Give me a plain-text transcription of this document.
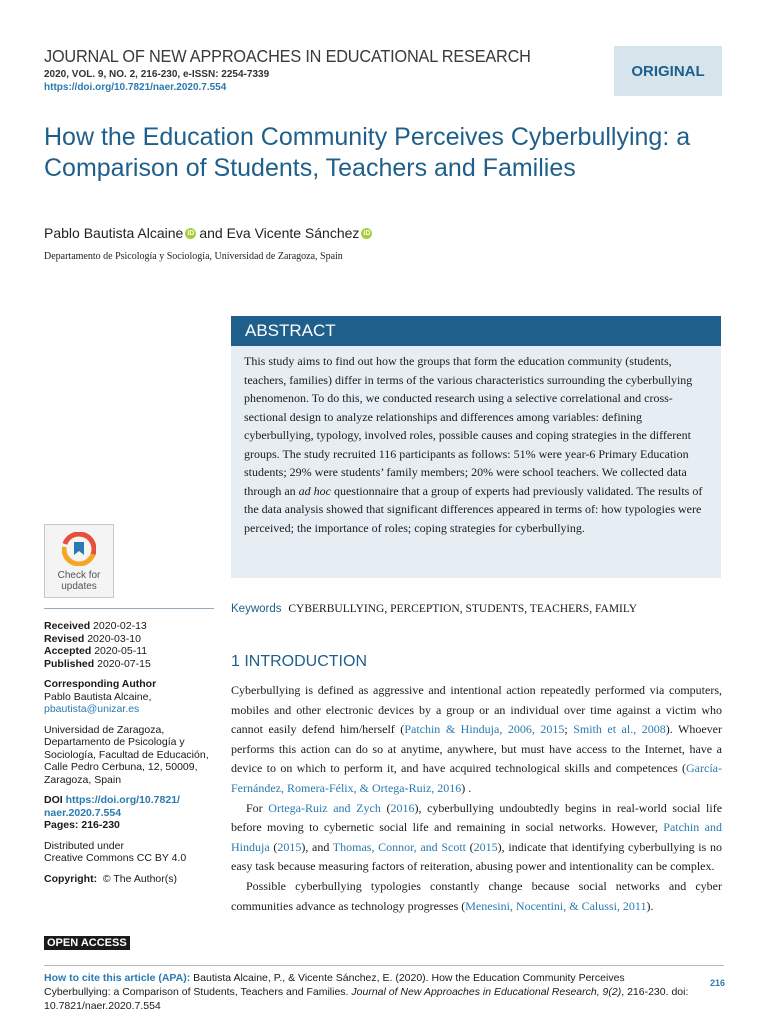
JOURNAL OF NEW APPROACHES IN EDUCATIONAL RESEARCH
2020, VOL. 9, NO. 2, 216-230, e-ISSN: 2254-7339
https://doi.org/10.7821/naer.2020.7.554
ORIGINAL
How the Education Community Perceives Cyberbullying: a Comparison of Students, Teachers and Families
Pablo Bautista Alcaine iD and
Eva Vicente Sánchez iD
Departamento de Psicología y Sociología, Universidad de Zaragoza, Spain
ABSTRACT
This study aims to find out how the groups that form the education community (students, teachers, families) differ in terms of the various characteristics surrounding the cyberbullying phenomenon. To do this, we conducted research using a selective correlational and cross-sectional design to analyze relationships and differences among variables: defining cyberbullying, typology, involved roles, possible causes and coping strategies in the different groups. The study recruited 116 participants as follows: 51% were year-6 Primary Education students; 29% were students’ family members; 20% were school teachers. We collected data through an ad hoc questionnaire that a group of experts had previously validated. The results of the data analysis showed that significant differences appeared in terms of: how typologies were perceived; the importance of roles; coping strategies for cyberbullying.
Check for
updates
Received 2020-02-13
Revised 2020-03-10
Accepted 2020-05-11
Published 2020-07-15
Corresponding Author
Pablo Bautista Alcaine,
pbautista@unizar.es
Universidad de Zaragoza, Departamento de Psicología y Sociología, Facultad de Educación, Calle Pedro Cerbuna, 12, 50009, Zaragoza, Spain
DOI https://doi.org/10.7821/
naer.2020.7.554
Pages: 216-230
Distributed under
Creative Commons CC BY 4.0
Copyright: © The Author(s)
OPEN ACCESS
Keywords CYBERBULLYING, PERCEPTION, STUDENTS, TEACHERS, FAMILY
1 INTRODUCTION

Cyberbullying is defined as aggressive and intentional action repeatedly performed via computers, mobiles and other electronic devices by a group or an individual over time against a victim who cannot easily defend him/herself (Patchin & Hinduja, 2006, 2015; Smith et al., 2008). Whoever performs this action can do so at anytime, anywhere, but must have access to the Internet, have a device to on which to perform it, and have acquired technological skills and competences (García-Fernández, Romera-Félix, & Ortega-Ruiz, 2016) .

For Ortega-Ruiz and Zych (2016), cyberbullying undoubtedly begins in real-world social life before moving to cybernetic social life and remaining in social networks. However, Patchin and Hinduja (2015), and Thomas, Connor, and Scott (2015), indicate that identifying cyberbullying is no easy task because measuring factors of reiteration, abusing power and intentionality can be complex.

Possible cyberbullying typologies constantly change because social networks and cyber communities advance as technology progresses (Menesini, Nocentini, & Calussi, 2011).

How to cite this article (APA): Bautista Alcaine, P., & Vicente Sánchez, E. (2020). How the Education Community Perceives Cyberbullying: a Comparison of Students, Teachers and Families. Journal of New Approaches in Educational Research, 9(2), 216-230. doi: 10.7821/naer.2020.7.554
216
